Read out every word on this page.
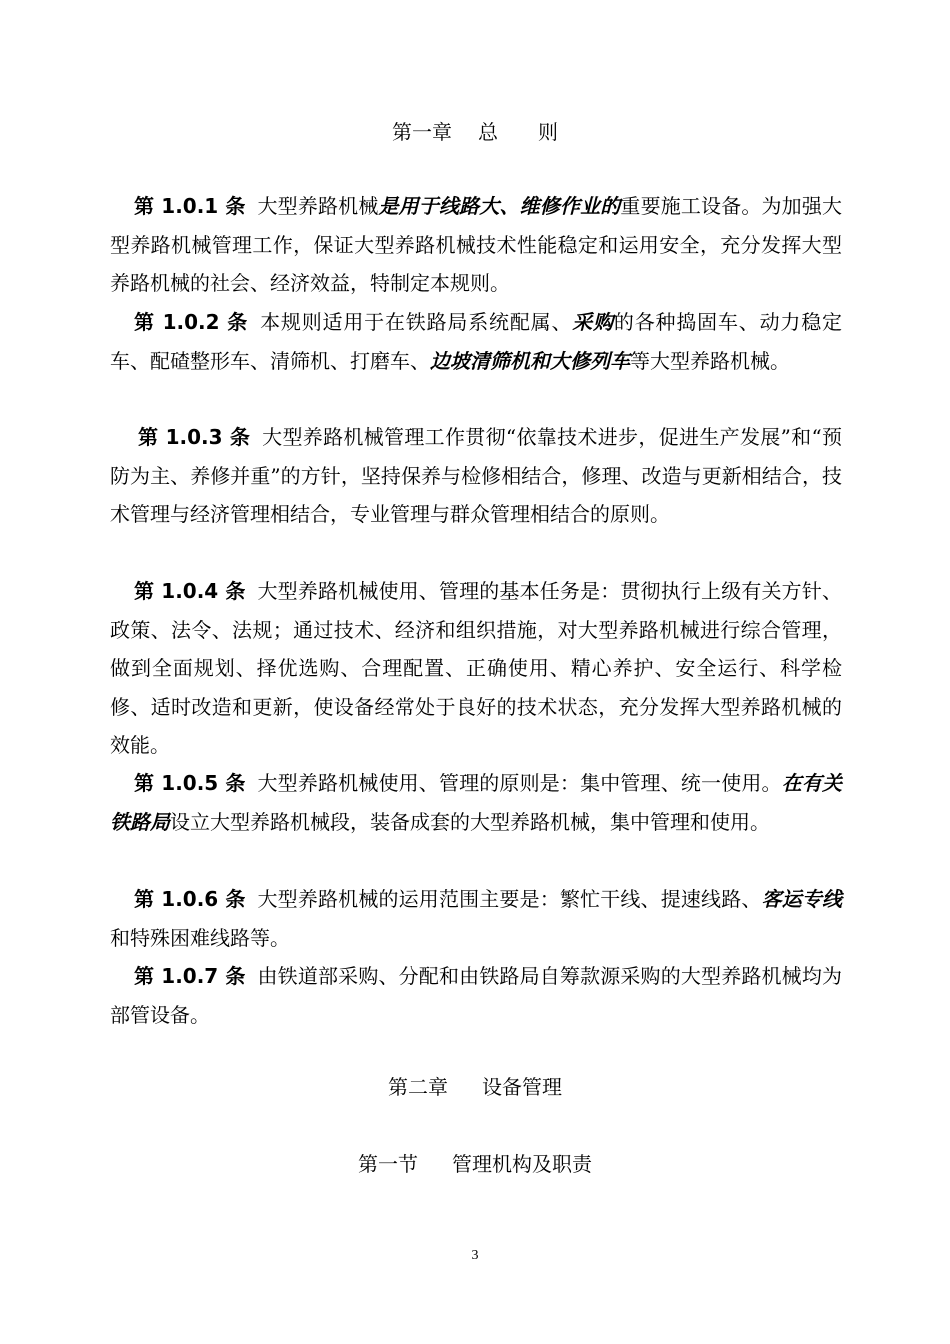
第一章 总　　则

第 1.0.1 条 大型养路机械是用于线路大、维修作业的重要施工设备。为加强大型养路机械管理工作，保证大型养路机械技术性能稳定和运用安全，充分发挥大型养路机械的社会、经济效益，特制定本规则。

第 1.0.2 条 本规则适用于在铁路局系统配属、采购的各种捣固车、动力稳定车、配碴整形车、清筛机、打磨车、边坡清筛机和大修列车等大型养路机械。

第 1.0.3 条 大型养路机械管理工作贯彻“依靠技术进步，促进生产发展”和“预防为主、养修并重”的方针，坚持保养与检修相结合，修理、改造与更新相结合，技术管理与经济管理相结合，专业管理与群众管理相结合的原则。

第 1.0.4 条 大型养路机械使用、管理的基本任务是：贯彻执行上级有关方针、政策、法令、法规；通过技术、经济和组织措施，对大型养路机械进行综合管理，做到全面规划、择优选购、合理配置、正确使用、精心养护、安全运行、科学检修、适时改造和更新，使设备经常处于良好的技术状态，充分发挥大型养路机械的效能。

第 1.0.5 条 大型养路机械使用、管理的原则是：集中管理、统一使用。在有关铁路局设立大型养路机械段，装备成套的大型养路机械，集中管理和使用。

第 1.0.6 条 大型养路机械的运用范围主要是：繁忙干线、提速线路、客运专线和特殊困难线路等。

第 1.0.7 条 由铁道部采购、分配和由铁路局自筹款源采购的大型养路机械均为部管设备。

第二章 设备管理
第一节 管理机构及职责
3
